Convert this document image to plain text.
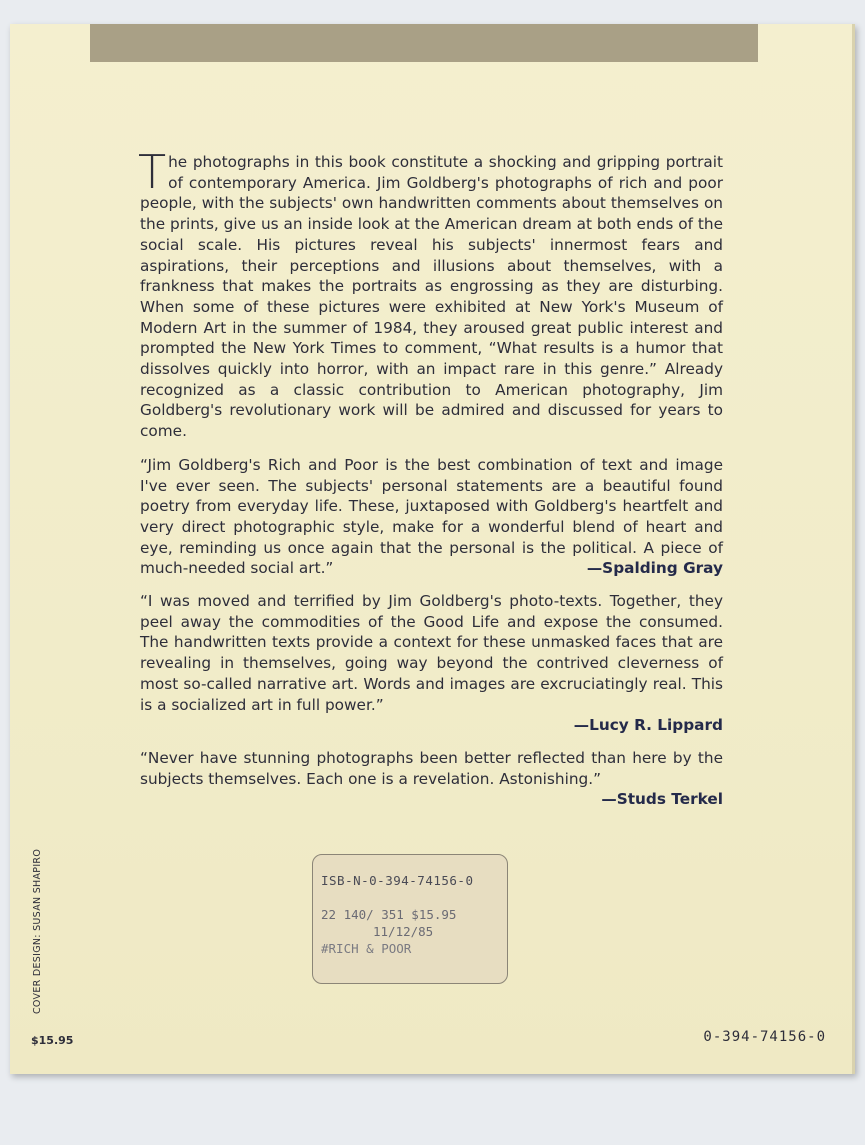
The photographs in this book constitute a shocking and gripping portrait of contemporary America. Jim Goldberg's photographs of rich and poor people, with the subjects' own handwritten comments about themselves on the prints, give us an inside look at the American dream at both ends of the social scale. His pictures reveal his subjects' innermost fears and aspirations, their perceptions and illusions about themselves, with a frankness that makes the portraits as engrossing as they are disturbing. When some of these pictures were exhibited at New York's Museum of Modern Art in the summer of 1984, they aroused great public interest and prompted the New York Times to comment, “What results is a humor that dissolves quickly into horror, with an impact rare in this genre.” Already recognized as a classic contribution to American photography, Jim Goldberg's revolutionary work will be admired and discussed for years to come.

“Jim Goldberg's Rich and Poor is the best combination of text and image I've ever seen. The subjects' personal statements are a beautiful found poetry from everyday life. These, juxtaposed with Goldberg's heartfelt and very direct photographic style, make for a wonderful blend of heart and eye, reminding us once again that the personal is the political. A piece of much-needed social art.”	—Spalding Gray

“I was moved and terrified by Jim Goldberg's photo-texts. Together, they peel away the commodities of the Good Life and expose the consumed. The handwritten texts provide a context for these unmasked faces that are revealing in themselves, going way beyond the contrived cleverness of most so-called narrative art. Words and images are excruciatingly real. This is a socialized art in full power.”

—Lucy R. Lippard

“Never have stunning photographs been better reflected than here by the subjects themselves. Each one is a revelation. Astonishing.”

—Studs Terkel

ISB-N-0-394-74156-0
22 140/ 351 $15.95
11/12/85
#RICH & POOR
COVER DESIGN: SUSAN SHAPIRO
$15.95	0-394-74156-0
